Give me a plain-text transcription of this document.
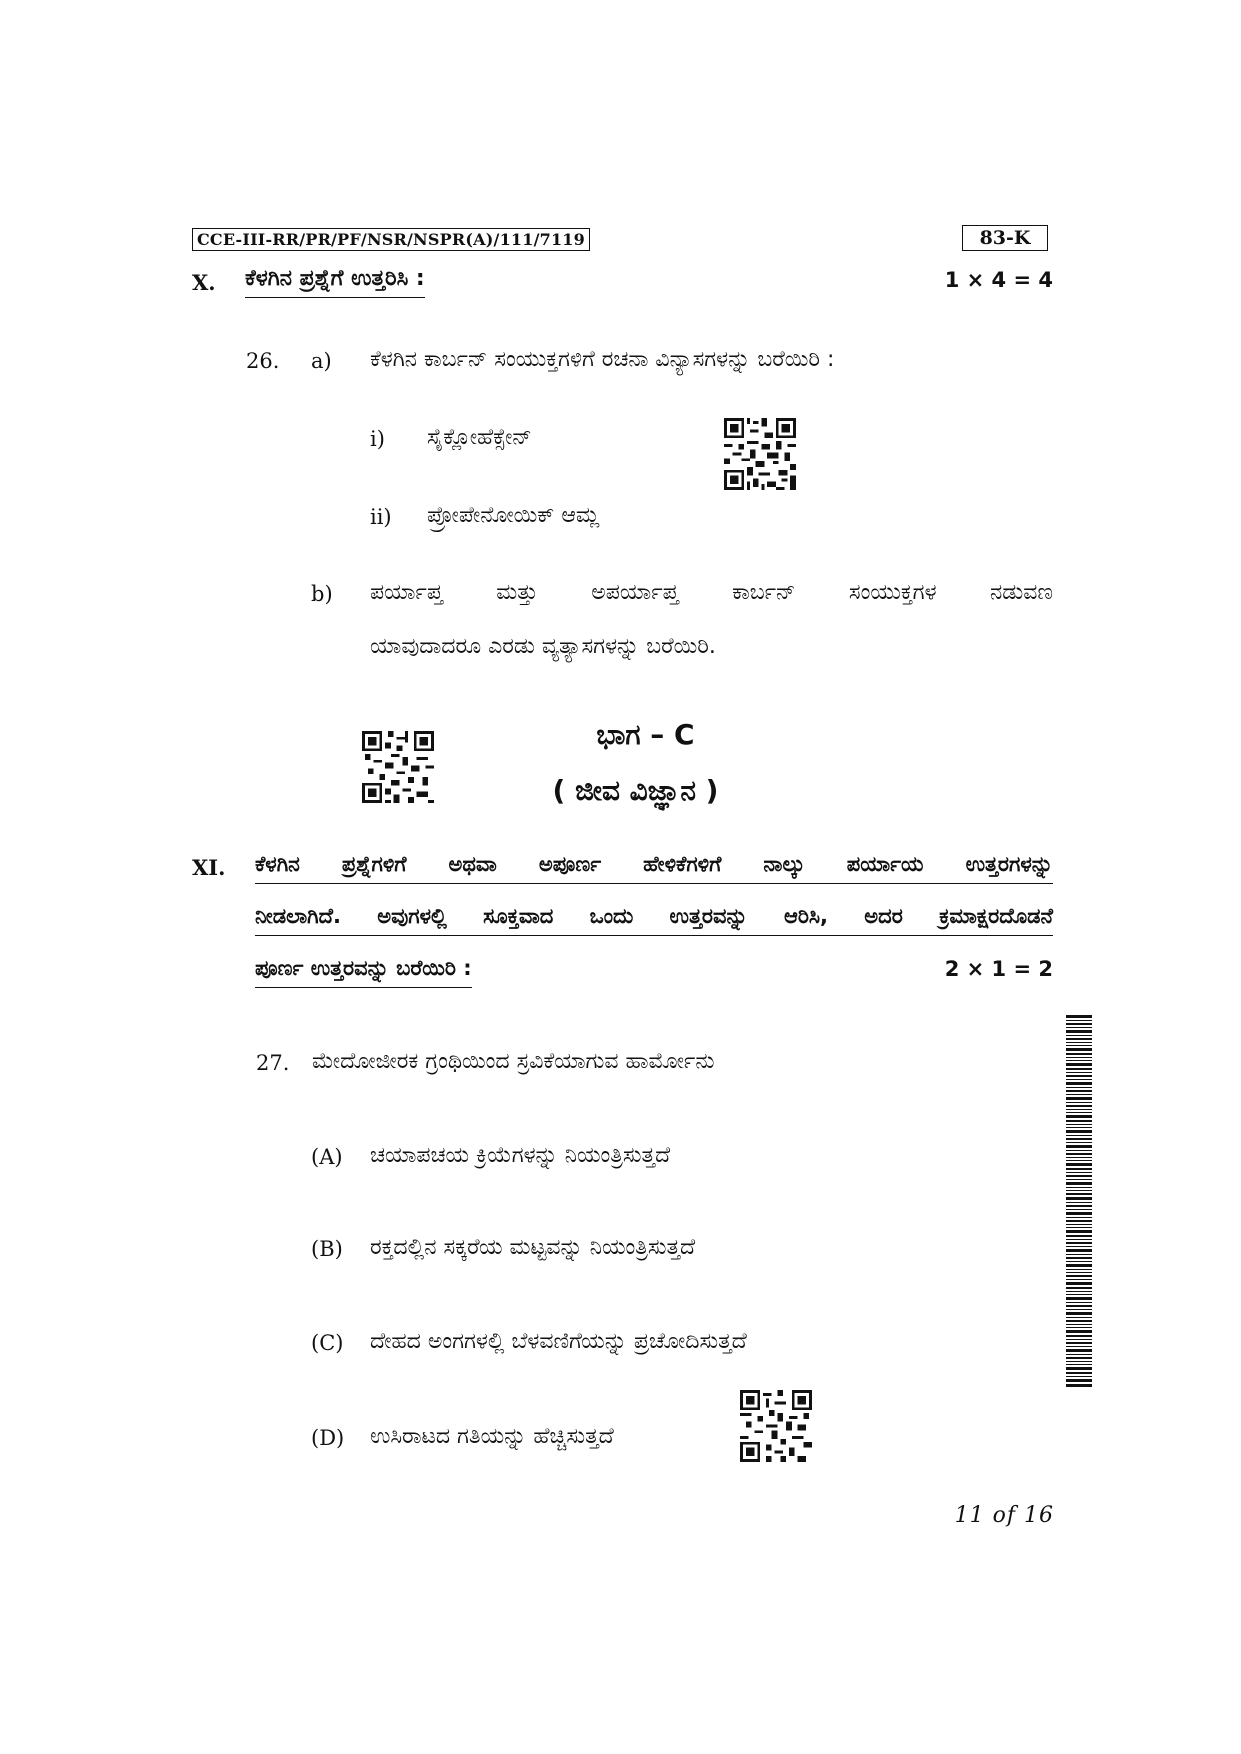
CCE-III-RR/PR/PF/NSR/NSPR(A)/111/7119	83-K
X. ಕೆಳಗಿನ ಪ್ರಶ್ನೆಗೆ ಉತ್ತರಿಸಿ :	1 × 4 = 4
26. a) ಕೆಳಗಿನ ಕಾರ್ಬನ್ ಸಂಯುಕ್ತಗಳಿಗೆ ರಚನಾ ವಿನ್ಯಾಸಗಳನ್ನು ಬರೆಯಿರಿ :
i) ಸೈಕ್ಲೋಹೆಕ್ಸೇನ್
ii) ಪ್ರೋಪೇನೋಯಿಕ್ ಆಮ್ಲ
b) ಪರ್ಯಾಪ್ತ ಮತ್ತು ಅಪರ್ಯಾಪ್ತ ಕಾರ್ಬನ್ ಸಂಯುಕ್ತಗಳ ನಡುವಣ
ಯಾವುದಾದರೂ ಎರಡು ವ್ಯತ್ಯಾಸಗಳನ್ನು ಬರೆಯಿರಿ.
ಭಾಗ – C
( ಜೀವ ವಿಜ್ಞಾನ )
XI. ಕೆಳಗಿನ ಪ್ರಶ್ನೆಗಳಿಗೆ ಅಥವಾ ಅಪೂರ್ಣ ಹೇಳಿಕೆಗಳಿಗೆ ನಾಲ್ಕು ಪರ್ಯಾಯ ಉತ್ತರಗಳನ್ನು
ನೀಡಲಾಗಿದೆ. ಅವುಗಳಲ್ಲಿ ಸೂಕ್ತವಾದ ಒಂದು ಉತ್ತರವನ್ನು ಆರಿಸಿ, ಅದರ ಕ್ರಮಾಕ್ಷರದೊಡನೆ
ಪೂರ್ಣ ಉತ್ತರವನ್ನು ಬರೆಯಿರಿ :	2 × 1 = 2
27. ಮೇದೋಜೀರಕ ಗ್ರಂಥಿಯಿಂದ ಸ್ರವಿಕೆಯಾಗುವ ಹಾರ್ಮೋನು
(A) ಚಯಾಪಚಯ ಕ್ರಿಯೆಗಳನ್ನು ನಿಯಂತ್ರಿಸುತ್ತದೆ
(B) ರಕ್ತದಲ್ಲಿನ ಸಕ್ಕರೆಯ ಮಟ್ಟವನ್ನು ನಿಯಂತ್ರಿಸುತ್ತದೆ
(C) ದೇಹದ ಅಂಗಗಳಲ್ಲಿ ಬೆಳವಣಿಗೆಯನ್ನು ಪ್ರಚೋದಿಸುತ್ತದೆ
(D) ಉಸಿರಾಟದ ಗತಿಯನ್ನು ಹೆಚ್ಚಿಸುತ್ತದೆ
11 of 16
